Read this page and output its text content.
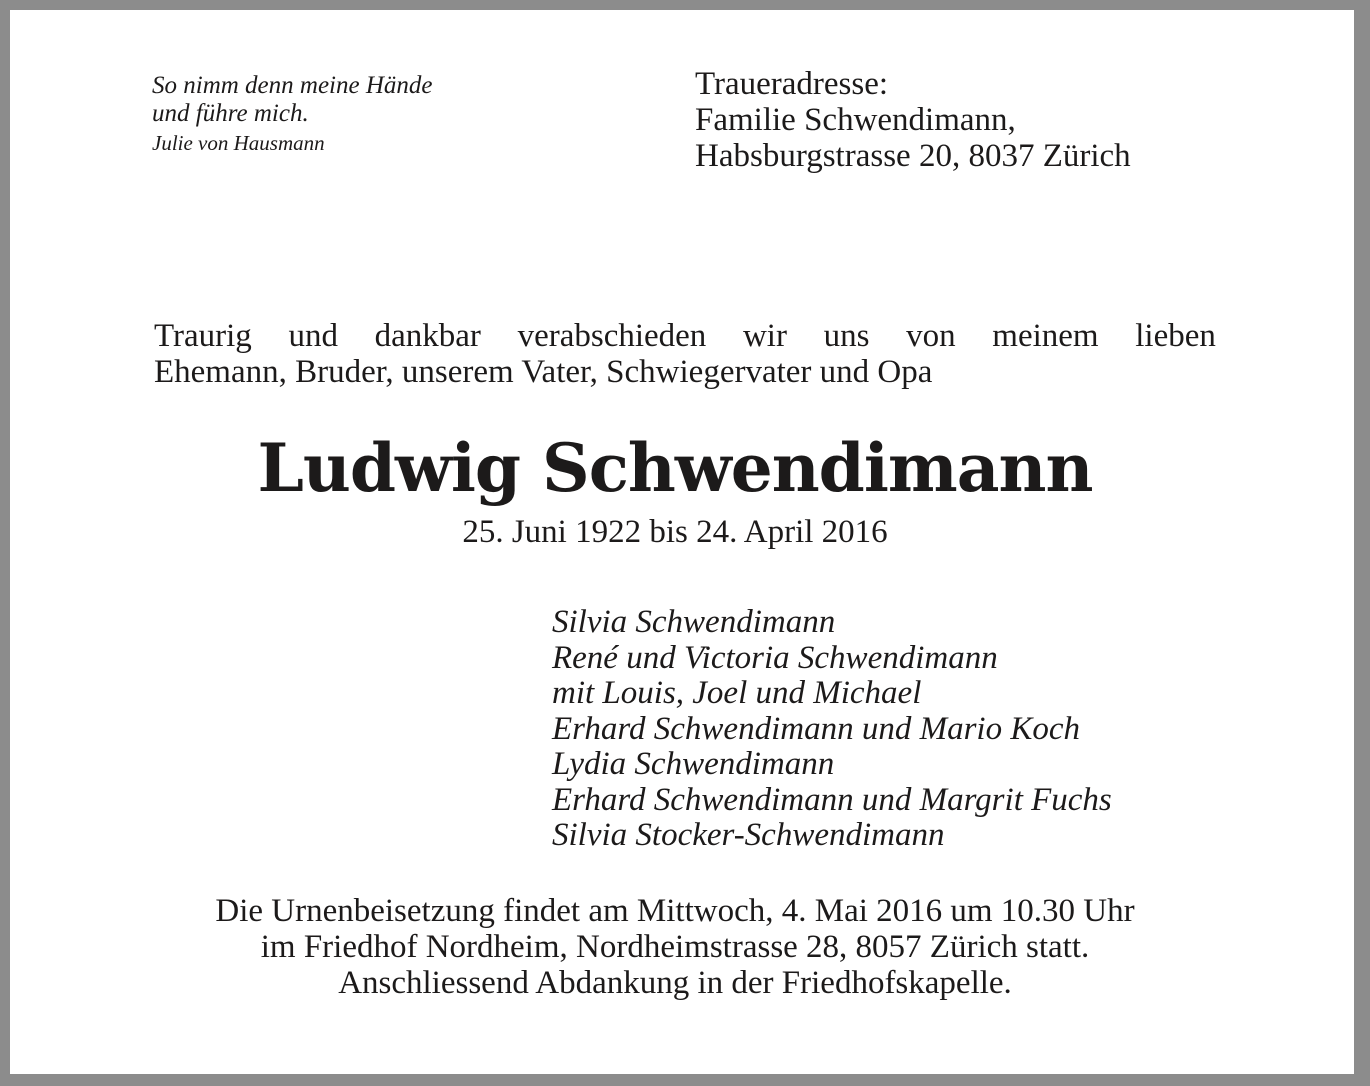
So nimm denn meine Hände
und führe mich.
Julie von Hausmann
Traueradresse:
Familie Schwendimann,
Habsburgstrasse 20, 8037 Zürich
Traurig und dankbar verabschieden wir uns von meinem lieben
Ehemann, Bruder, unserem Vater, Schwiegervater und Opa
Ludwig Schwendimann
25. Juni 1922 bis 24. April 2016
Silvia Schwendimann
René und Victoria Schwendimann
mit Louis, Joel und Michael
Erhard Schwendimann und Mario Koch
Lydia Schwendimann
Erhard Schwendimann und Margrit Fuchs
Silvia Stocker-Schwendimann
Die Urnenbeisetzung findet am Mittwoch, 4. Mai 2016 um 10.30 Uhr
im Friedhof Nordheim, Nordheimstrasse 28, 8057 Zürich statt.
Anschliessend Abdankung in der Friedhofskapelle.
